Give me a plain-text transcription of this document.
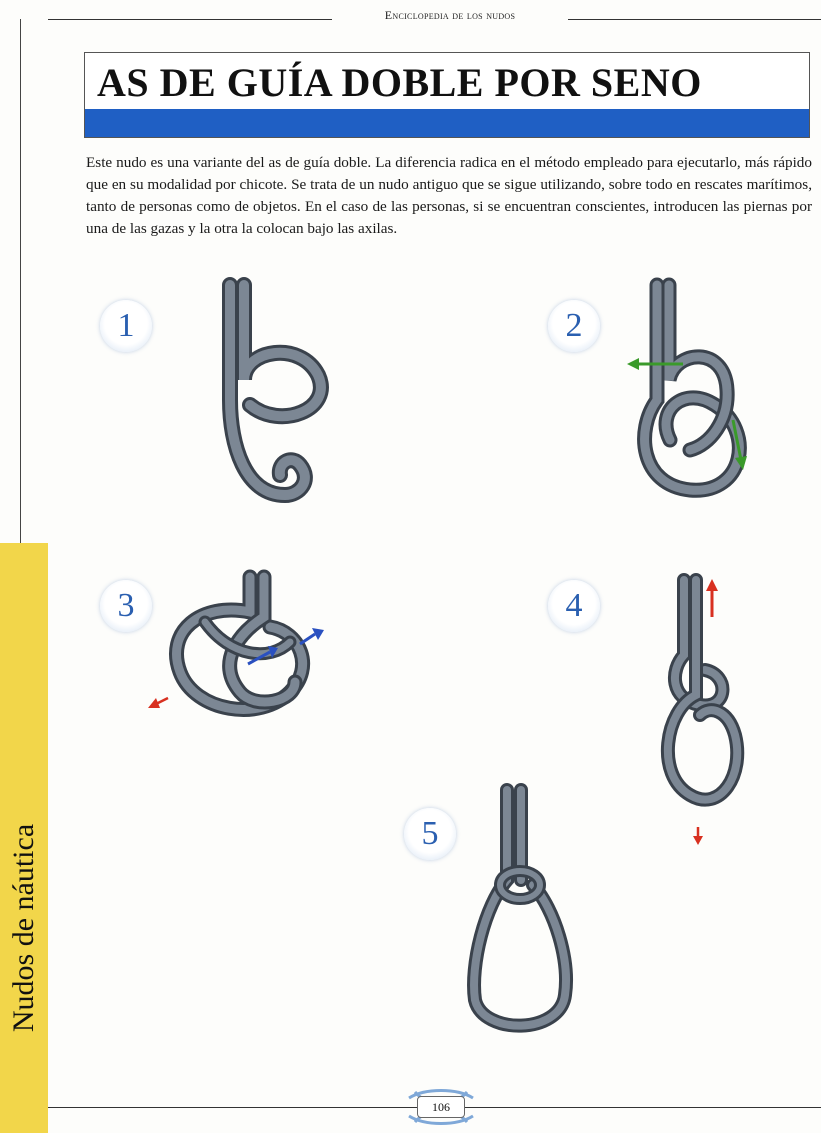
Enciclopedia de los nudos
AS DE GUÍA DOBLE POR SENO
Este nudo es una variante del as de guía doble. La diferencia radica en el método empleado para ejecutarlo, más rápido que en su modalidad por chicote. Se trata de un nudo antiguo que se sigue utilizando, sobre todo en rescates marítimos, tanto de personas como de objetos. En el caso de las personas, si se encuentran conscientes, introducen las piernas por una de las gazas y la otra la colocan bajo las axilas.
Nudos de náutica
1	2
3	4
5
106
